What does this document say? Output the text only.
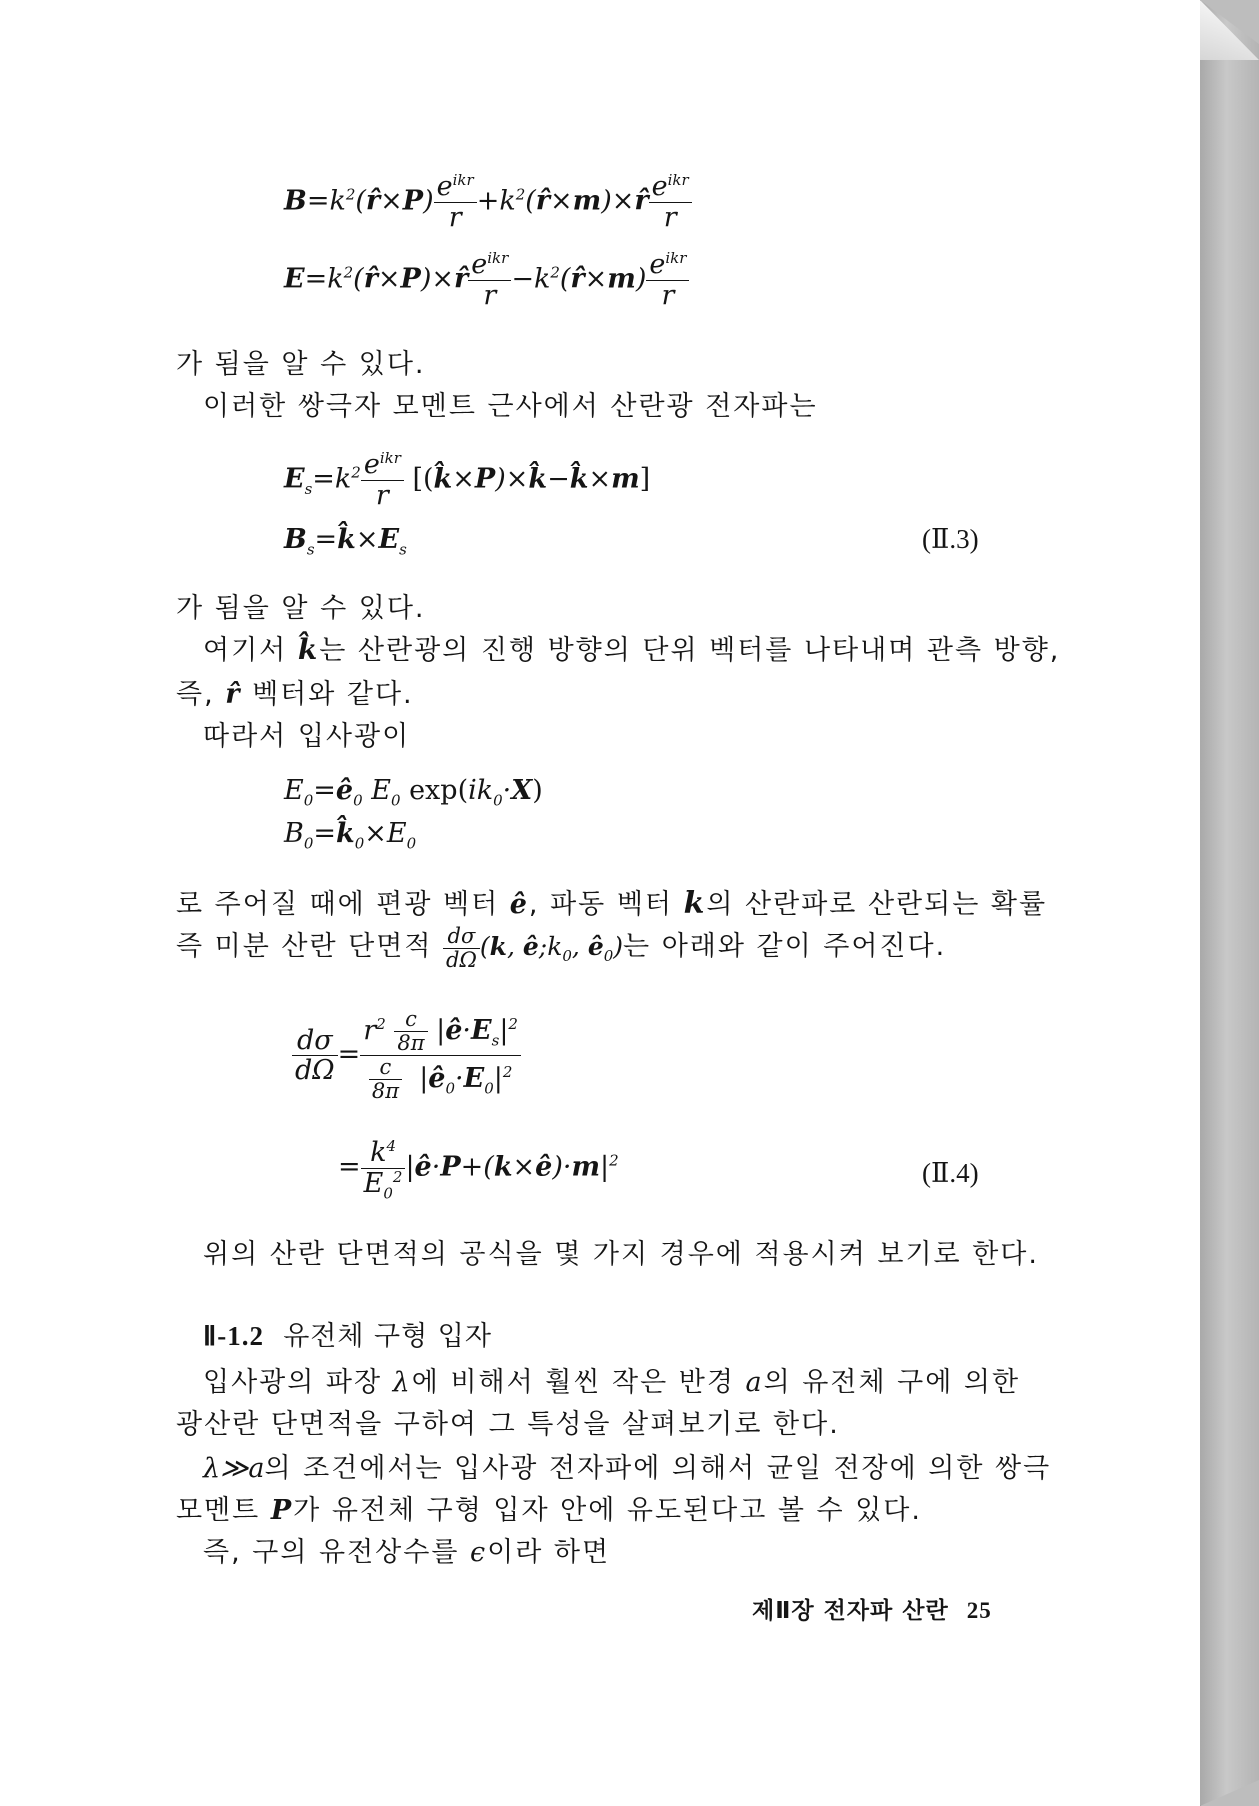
$B=k^2(r̂\times P) \frac{e^{ikr}}{r}$ $+k^2(r̂\times m)\times r̂ \frac{e^{ikr}}{r}$
$E=k^2(r̂\times P)\times r̂ \frac{e^{ikr}}{r}$ $-k^2(r̂\times m) \frac{e^{ikr}}{r}$
가 됨을 알 수 있다.
이러한 쌍극자 모멘트 근사에서 산란광 전자파는
$E_s=k^2 \frac{e^{ikr}}{r}$ [(k̂×P)×k̂−k̂×m]
$B_s=k̂\times E_s$	(Ⅱ.3)
가 됨을 알 수 있다.
여기서 k̂는 산란광의 진행 방향의 단위 벡터를 나타내며 관측 방향,
즉, r̂ 벡터와 같다.
따라서 입사광이
$E_0=ê_0$ $E_0$ $\exp(ik_0\cdot X)$
$B_0=k̂_0\times E_0$
로 주어질 때에 편광 벡터 ê, 파동 벡터 k의 산란파로 산란되는 확률
즉 미분 산란 단면적 $\frac{d\sigma}{d\Omega} (k$, $ê;k_0$, $ê_0$)는 아래와 같이 주어진다.
$\frac{d\sigma}{d\Omega} = \frac{r^2 \frac{c}{8\pi} |ê\cdot E_s|^2}{\frac{c}{8\pi} |ê_0\cdot E_0|^2}$
= $\frac{k^4}{E_0^2}$ $|ê\cdot P+(k\times ê)\cdot m|^2$	(Ⅱ.4)
위의 산란 단면적의 공식을 몇 가지 경우에 적용시켜 보기로 한다.
Ⅱ-1.2 유전체 구형 입자
입사광의 파장 λ에 비해서 훨씬 작은 반경 a의 유전체 구에 의한
광산란 단면적을 구하여 그 특성을 살펴보기로 한다.
λ≫a의 조건에서는 입사광 전자파에 의해서 균일 전장에 의한 쌍극
모멘트 P가 유전체 구형 입자 안에 유도된다고 볼 수 있다.
즉, 구의 유전상수를 ϵ이라 하면
제Ⅱ장 전자파 산란 25
